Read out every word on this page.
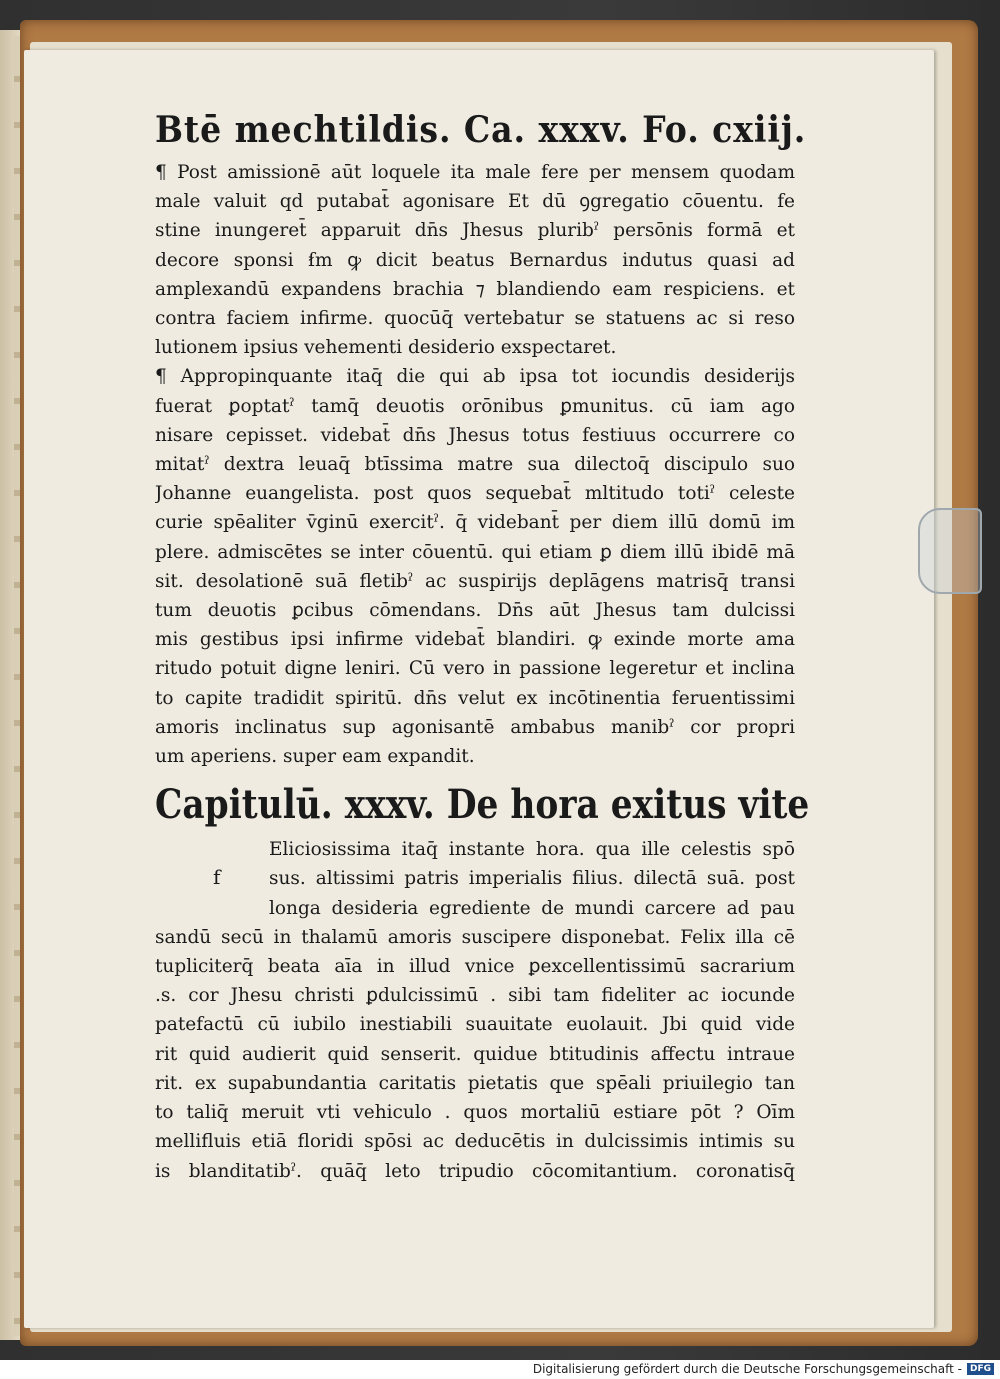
Btē mechtildis. Ca. xxxv. Fo. cxiij.

¶ Post amissionē aūt loquele ita male fere per mensem quodam
male valuit qd putabat̄ agonisare Et dū ꝯgregatio cōuentu. fe
stine inungeret̄ apparuit dn̄s Jhesus pluribˀ persōnis formā et
decore sponsi ẜm ꝙ dicit beatus Bernardus indutus quasi ad
amplexandū expandens brachia ⁊ blandiendo eam respiciens. et
contra faciem infirme. quocūq̄ vertebatur se statuens ac si reso
lutionem ipsius vehementi desiderio exspectaret.

¶ Appropinquante itaq̄ die qui ab ipsa tot iocundis desiderijs
fuerat ꝑoptatˀ tamq̄ deuotis orōnibus ꝑmunitus. cū iam ago
nisare cepisset. videbat̄ dn̄s Jhesus totus festiuus occurrere co
mitatˀ dextra leuaq̄ btīssima matre sua dilectoq̄ discipulo suo
Johanne euangelista. post quos sequebat̄ mltitudo totiˀ celeste
curie spēaliter v̄ginū exercitˀ. q̄ videbant̄ per diem illū domū im
plere. admiscētes se inter cōuentū. qui etiam ꝑ diem illū ibidē mā
sit. desolationē suā fletibˀ ac suspirijs deplāgens matrisq̄ transi
tum deuotis ꝑcibus cōmendans. Dn̄s aūt Jhesus tam dulcissi
mis gestibus ipsi infirme videbat̄ blandiri. ꝙ exinde morte ama
ritudo potuit digne leniri. Cū vero in passione legeretur et inclina
to capite tradidit spiritū. dn̄s velut ex incōtinentia feruentissimi
amoris inclinatus sup agonisantē ambabus manibˀ cor propri
um aperiens. super eam expandit.

Capitulū. xxxv. De hora exitus vite
f

Eliciosissima itaq̄ instante hora. qua ille celestis spō
sus. altissimi patris imperialis filius. dilectā suā. post
longa desideria egrediente de mundi carcere ad pau

sandū secū in thalamū amoris suscipere disponebat. Felix illa cē
tupliciterq̄ beata aīa in illud vnice ꝑexcellentissimū sacrarium
.s. cor Jhesu christi ꝑdulcissimū . sibi tam fideliter ac iocunde
patefactū cū iubilo inestiabili suauitate euolauit. Jbi quid vide
rit quid audierit quid senserit. quidue btitudinis affectu intraue
rit. ex supabundantia caritatis pietatis que spēali priuilegio tan
to taliq̄ meruit vti vehiculo . quos mortaliū estiare pōt ? Oīm
mellifluis etiā floridi spōsi ac deducētis in dulcissimis intimis su
is blanditatibˀ. quāq̄ leto tripudio cōcomitantium. coronatisq̄

Digitalisierung gefördert durch die Deutsche Forschungsgemeinschaft - DFG
